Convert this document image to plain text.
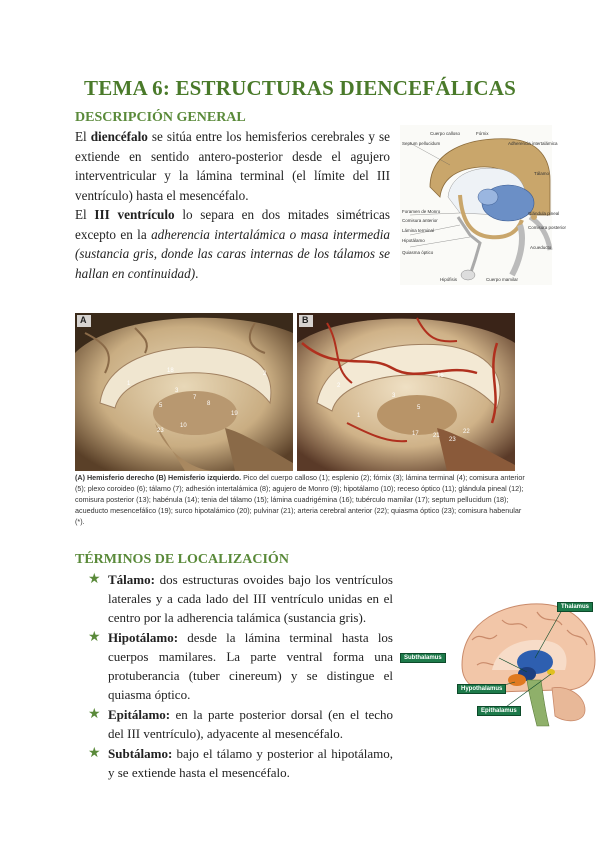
TEMA 6: ESTRUCTURAS DIENCEFÁLICAS
DESCRIPCIÓN GENERAL
El diencéfalo se sitúa entre los hemisferios cerebrales y se extiende en sentido antero-posterior desde el agujero interventricular y la lámina terminal (el límite del III ventrículo) hasta el mesencéfalo.
El III ventrículo lo separa en dos mitades simétricas excepto en la adherencia intertalámica o masa intermedia (sustancia gris, donde las caras internas de los tálamos se hallan en continuidad).
Cuerpo calloso	Fórnix
Septum pellucidum	Adherencia intertalámica
Tálamo
Foramen de Monro
Comisura anterior
Lámina terminal
Hipotálamo
Quiasma óptico
Hipófisis	Cuerpo mamilar
Glándula pineal
Comisura posterior
Acueducto
A
18
1
2
3
7
8
5
10
19
23
B
16
2
3
5
1
17	22
23
21
(A) Hemisferio derecho (B) Hemisferio izquierdo. Pico del cuerpo calloso (1); esplenio (2); fórnix (3); lámina terminal (4); comisura anterior (5); plexo coroideo (6); tálamo (7); adhesión intertalámica (8); agujero de Monro (9); hipotálamo (10); receso óptico (11); glándula pineal (12); comisura posterior (13); habénula (14); tenia del tálamo (15); lámina cuadrigémina (16); tubérculo mamilar (17); septum pellucidum (18); acueducto mesencefálico (19); surco hipotalámico (20); pulvinar (21); arteria cerebral anterior (22); quiasma óptico (23); comisura habenular (*).
TÉRMINOS DE LOCALIZACIÓN
★ Tálamo: dos estructuras ovoides bajo los ventrículos laterales y a cada lado del III ventrículo unidas en el centro por la adherencia talámica (sustancia gris).
★ Hipotálamo: desde la lámina terminal hasta los cuerpos mamilares. La parte ventral forma una protuberancia (tuber cinereum) y se distingue el quiasma óptico.
★ Epitálamo: en la parte posterior dorsal (en el techo del III ventrículo), adyacente al mesencéfalo.
★ Subtálamo: bajo el tálamo y posterior al hipotálamo, y se extiende hasta el mesencéfalo.
Thalamus
Subthalamus
Hypothalamus
Epithalamus
